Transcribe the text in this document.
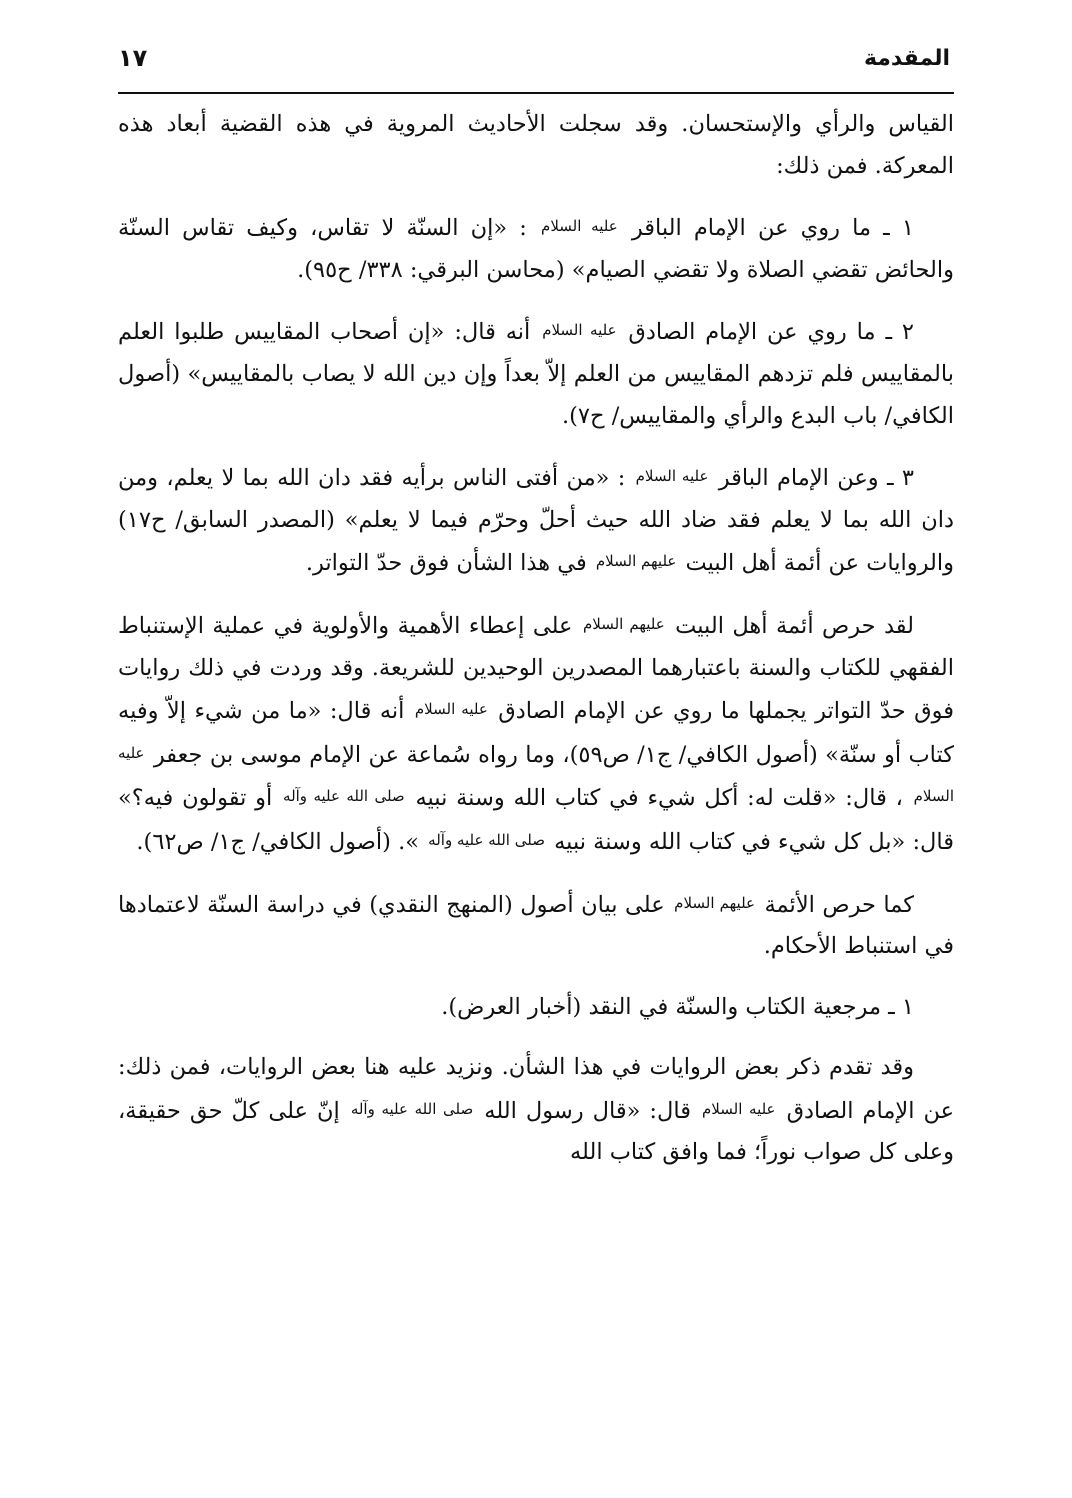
المقدمة
١٧

القياس والرأي والإستحسان. وقد سجلت الأحاديث المروية في هذه القضية أبعاد هذه المعركة. فمن ذلك:

١ ـ ما روي عن الإمام الباقر عليه السلام : «إن السنّة لا تقاس، وكيف تقاس السنّة والحائض تقضي الصلاة ولا تقضي الصيام» (محاسن البرقي: ٣٣٨/ ح٩٥).

٢ ـ ما روي عن الإمام الصادق عليه السلام أنه قال: «إن أصحاب المقاييس طلبوا العلم بالمقاييس فلم تزدهم المقاييس من العلم إلاّ بعداً وإن دين الله لا يصاب بالمقاييس» (أصول الكافي/ باب البدع والرأي والمقاييس/ ح٧).

٣ ـ وعن الإمام الباقر عليه السلام : «من أفتى الناس برأيه فقد دان الله بما لا يعلم، ومن دان الله بما لا يعلم فقد ضاد الله حيث أحلّ وحرّم فيما لا يعلم» (المصدر السابق/ ح١٧) والروايات عن أئمة أهل البيت عليهم السلام في هذا الشأن فوق حدّ التواتر.

لقد حرص أئمة أهل البيت عليهم السلام على إعطاء الأهمية والأولوية في عملية الإستنباط الفقهي للكتاب والسنة باعتبارهما المصدرين الوحيدين للشريعة. وقد وردت في ذلك روايات فوق حدّ التواتر يجملها ما روي عن الإمام الصادق عليه السلام أنه قال: «ما من شيء إلاّ وفيه كتاب أو سنّة» (أصول الكافي/ ج١/ ص٥٩)، وما رواه سُماعة عن الإمام موسى بن جعفر عليه السلام ، قال: «قلت له: أكل شيء في كتاب الله وسنة نبيه صلى الله عليه وآله أو تقولون فيه؟» قال: «بل كل شيء في كتاب الله وسنة نبيه صلى الله عليه وآله ». (أصول الكافي/ ج١/ ص٦٢).

كما حرص الأئمة عليهم السلام على بيان أصول (المنهج النقدي) في دراسة السنّة لاعتمادها في استنباط الأحكام.

١ ـ مرجعية الكتاب والسنّة في النقد (أخبار العرض).

وقد تقدم ذكر بعض الروايات في هذا الشأن. ونزيد عليه هنا بعض الروايات، فمن ذلك: عن الإمام الصادق عليه السلام قال: «قال رسول الله صلى الله عليه وآله إنّ على كلّ حق حقيقة، وعلى كل صواب نوراً؛ فما وافق كتاب الله
